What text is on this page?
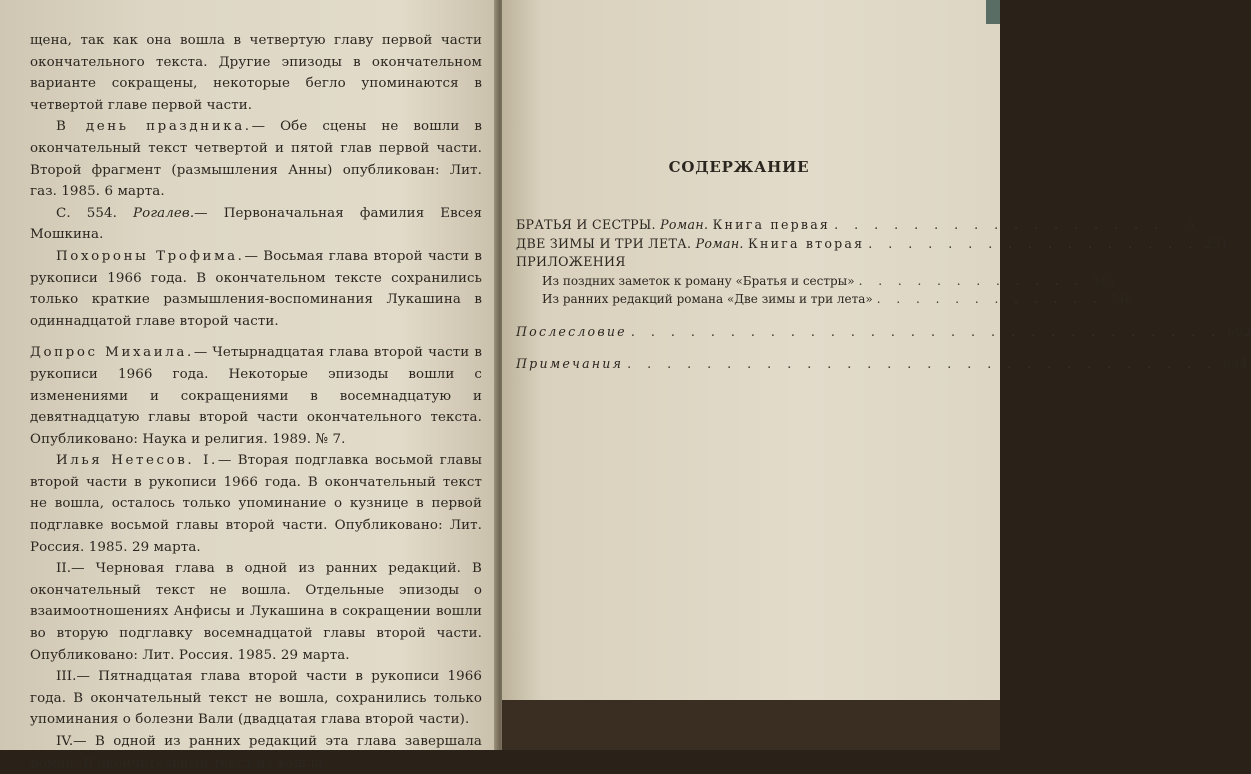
щена, так как она вошла в четвертую главу первой части окончательного текста. Другие эпизоды в окончательном варианте сокращены, некоторые бегло упоминаются в четвертой главе первой части.

В день праздника.— Обе сцены не вошли в окончательный текст четвертой и пятой глав первой части. Второй фрагмент (размышления Анны) опубликован: Лит. газ. 1985. 6 марта.

С. 554. Рогалев.— Первоначальная фамилия Евсея Мошкина.

Похороны Трофима.— Восьмая глава второй части в рукописи 1966 года. В окончательном тексте сохранились только краткие размышления-воспоминания Лукашина в одиннадцатой главе второй части.

Допрос Михаила.— Четырнадцатая глава второй части в рукописи 1966 года. Некоторые эпизоды вошли с изменениями и сокращениями в восемнадцатую и девятнадцатую главы второй части окончательного текста. Опубликовано: Наука и религия. 1989. № 7.

Илья Нетесов. I.— Вторая подглавка восьмой главы второй части в рукописи 1966 года. В окончательный текст не вошла, осталось только упоминание о кузнице в первой подглавке восьмой главы второй части. Опубликовано: Лит. Россия. 1985. 29 марта.

II.— Черновая глава в одной из ранних редакций. В окончательный текст не вошла. Отдельные эпизоды о взаимоотношениях Анфисы и Лукашина в сокращении вошли во вторую подглавку восемнадцатой главы второй части. Опубликовано: Лит. Россия. 1985. 29 марта.

III.— Пятнадцатая глава второй части в рукописи 1966 года. В окончательный текст не вошла, сохранились только упоминания о болезни Вали (двадцатая глава второй части).

IV.— В одной из ранних редакций эта глава завершала роман. В окончательный текст не вошла.

СОДЕРЖАНИЕ
БРАТЬЯ И СЕСТРЫ. Роман. Книга первая . . . . . . . . . . . . . . . . .	5
ДВЕ ЗИМЫ И ТРИ ЛЕТА. Роман. Книга вторая . . . . . . . . . . . . . . . . . 251
ПРИЛОЖЕНИЯ
Из поздних заметок к роману «Братья и сестры» . . . . . . . . . . . . 543
Из ранних редакций романа «Две зимы и три лета» . . . . . . . . . . . . 546
Послесловие . . . . . . . . . . . . . . . . . . . . . . . . . . . . . . 602
Примечания . . . . . . . . . . . . . . . . . . . . . . . . . . . . . . 634
